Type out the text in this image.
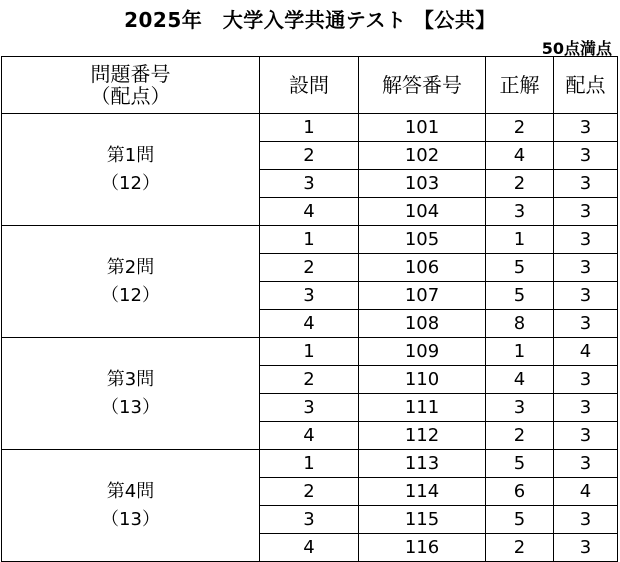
2025年　大学入学共通テスト 【公共】
50点満点
問題番号
（配点）	設問	解答番号	正解	配点

第1問
（12）	1	101	2	3
	2	102	4	3
	3	103	2	3
	4	104	3	3

第2問
（12）	1	105	1	3
	2	106	5	3
	3	107	5	3
	4	108	8	3

第3問
（13）	1	109	1	4
	2	110	4	3
	3	111	3	3
	4	112	2	3

第4問
（13）	1	113	5	3
	2	114	6	4
	3	115	5	3
	4	116	2	3
